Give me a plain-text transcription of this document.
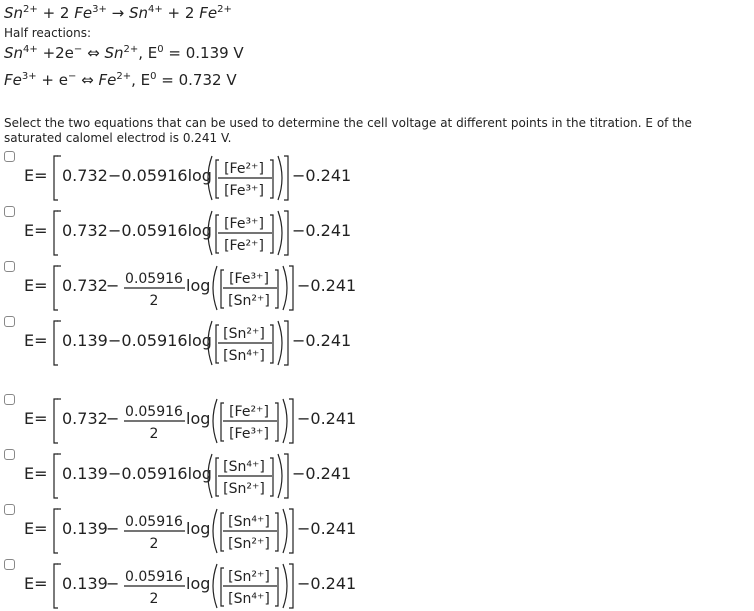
$Sn^{2+} + 2$ $Fe^{3+} \to Sn^{4+} + 2$ $Fe^{2+}$
Half reactions:
$Sn^{4+} +2e^-$ ⇔ $Sn^{2+}$, $E^0 = 0.139$ V
$Fe^{3+} + e^-$ ⇔ $Fe^{2+}$, $E^0 = 0.732$ V
Select the two equations that can be used to determine the cell voltage at different points in the titration. E of the saturated calomel electrod is 0.241 V.
E= 0.732 −0.05916log [Fe²⁺]
[Fe³⁺]
−0.241
E= 0.732 −0.05916log [Fe³⁺]
[Fe²⁺]
−0.241
E= 0.732
− 0.05916
2
log [Fe³⁺]
[Sn²⁺]
−0.241
E= 0.139 −0.05916log [Sn²⁺]
[Sn⁴⁺]
−0.241
E= 0.732
− 0.05916
2
log [Fe²⁺]
[Fe³⁺]
−0.241
E= 0.139 −0.05916log [Sn⁴⁺]
[Sn²⁺]
−0.241
E= 0.139
− 0.05916
2
log [Sn⁴⁺]
[Sn²⁺]
−0.241
E= 0.139
− 0.05916
2
log [Sn²⁺]
[Sn⁴⁺]
−0.241
